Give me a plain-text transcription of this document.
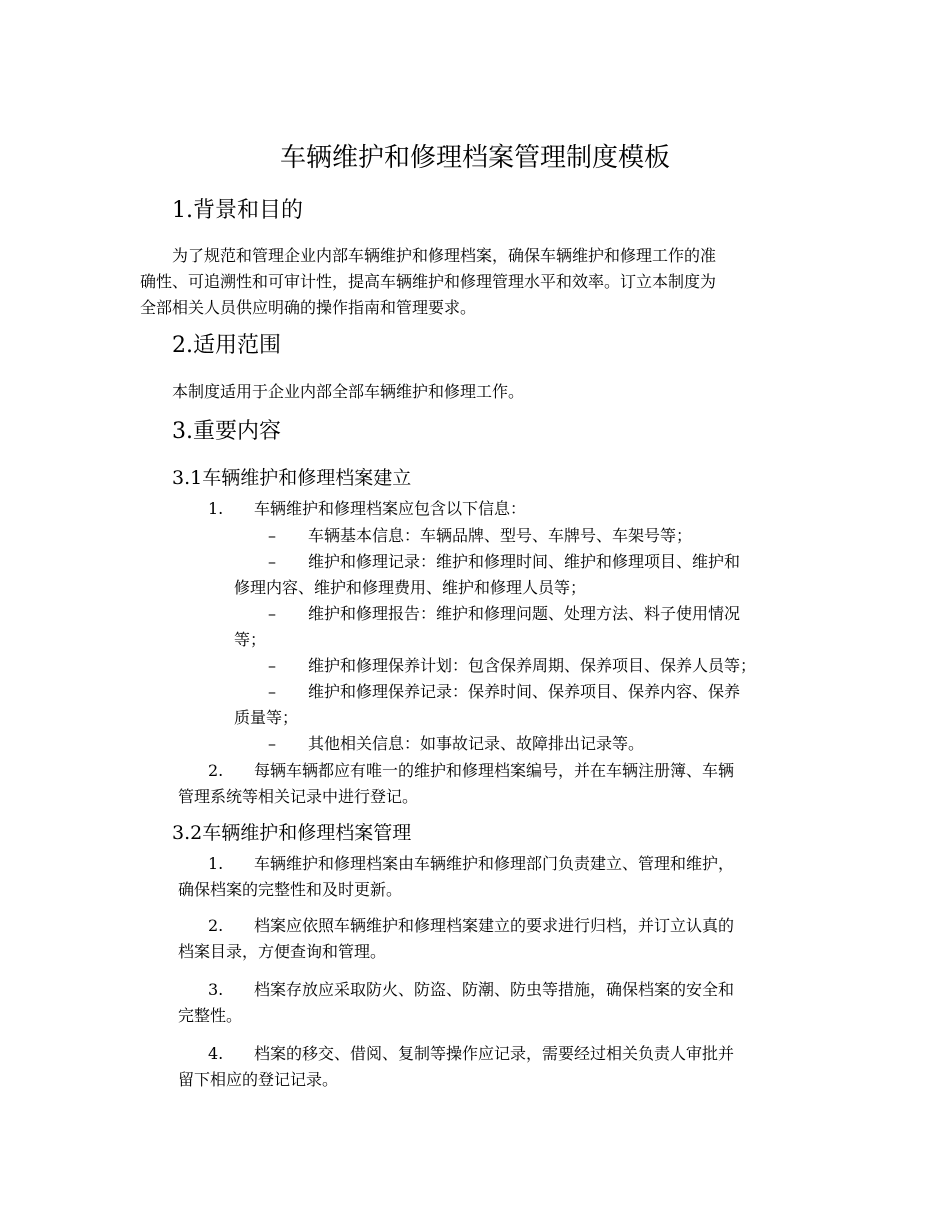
车辆维护和修理档案管理制度模板
1.背景和目的
为了规范和管理企业内部车辆维护和修理档案，确保车辆维护和修理工作的准
确性、可追溯性和可审计性，提高车辆维护和修理管理水平和效率。订立本制度为
全部相关人员供应明确的操作指南和管理要求。
2.适用范围
本制度适用于企业内部全部车辆维护和修理工作。
3.重要内容
3.1车辆维护和修理档案建立
1. 车辆维护和修理档案应包含以下信息：
– 车辆基本信息：车辆品牌、型号、车牌号、车架号等；
– 维护和修理记录：维护和修理时间、维护和修理项目、维护和
修理内容、维护和修理费用、维护和修理人员等；
– 维护和修理报告：维护和修理问题、处理方法、料子使用情况
等；
– 维护和修理保养计划：包含保养周期、保养项目、保养人员等；
– 维护和修理保养记录：保养时间、保养项目、保养内容、保养
质量等；
– 其他相关信息：如事故记录、故障排出记录等。
2. 每辆车辆都应有唯一的维护和修理档案编号，并在车辆注册簿、车辆
管理系统等相关记录中进行登记。
3.2车辆维护和修理档案管理
1. 车辆维护和修理档案由车辆维护和修理部门负责建立、管理和维护，
确保档案的完整性和及时更新。
2. 档案应依照车辆维护和修理档案建立的要求进行归档，并订立认真的
档案目录，方便查询和管理。
3. 档案存放应采取防火、防盗、防潮、防虫等措施，确保档案的安全和
完整性。
4. 档案的移交、借阅、复制等操作应记录，需要经过相关负责人审批并
留下相应的登记记录。
